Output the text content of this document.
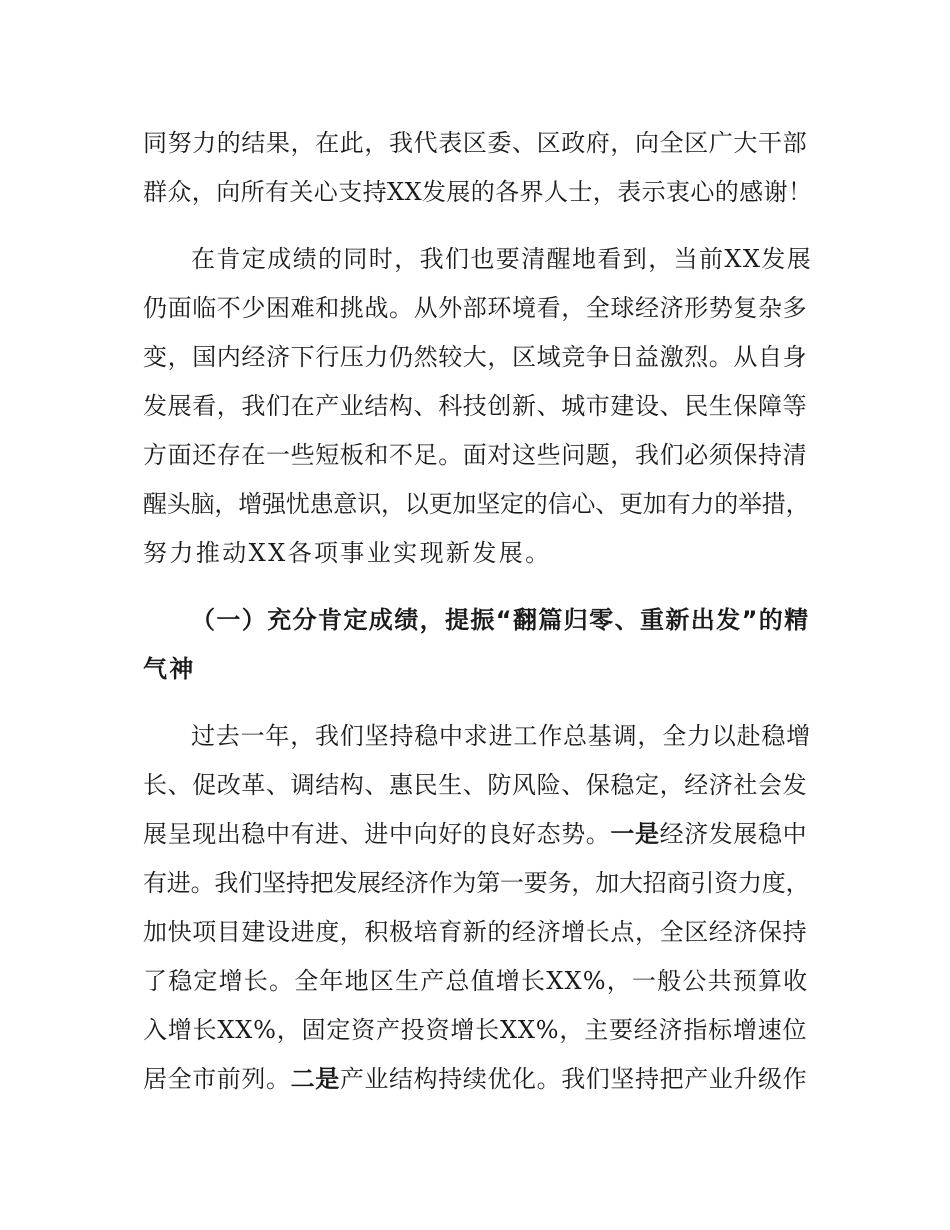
同努力的结果，在此，我代表区委、区政府，向全区广大干部
群众，向所有关心支持XX发展的各界人士，表示衷心的感谢！
在肯定成绩的同时，我们也要清醒地看到，当前XX发展
仍面临不少困难和挑战。从外部环境看，全球经济形势复杂多
变，国内经济下行压力仍然较大，区域竞争日益激烈。从自身
发展看，我们在产业结构、科技创新、城市建设、民生保障等
方面还存在一些短板和不足。面对这些问题，我们必须保持清
醒头脑，增强忧患意识，以更加坚定的信心、更加有力的举措，
努力推动XX各项事业实现新发展。
（一）充分肯定成绩，提振“翻篇归零、重新出发”的精
气神
过去一年，我们坚持稳中求进工作总基调，全力以赴稳增
长、促改革、调结构、惠民生、防风险、保稳定，经济社会发
展呈现出稳中有进、进中向好的良好态势。一是经济发展稳中
有进。我们坚持把发展经济作为第一要务，加大招商引资力度，
加快项目建设进度，积极培育新的经济增长点，全区经济保持
了稳定增长。全年地区生产总值增长XX%，一般公共预算收
入增长XX%，固定资产投资增长XX%，主要经济指标增速位
居全市前列。二是产业结构持续优化。我们坚持把产业升级作
